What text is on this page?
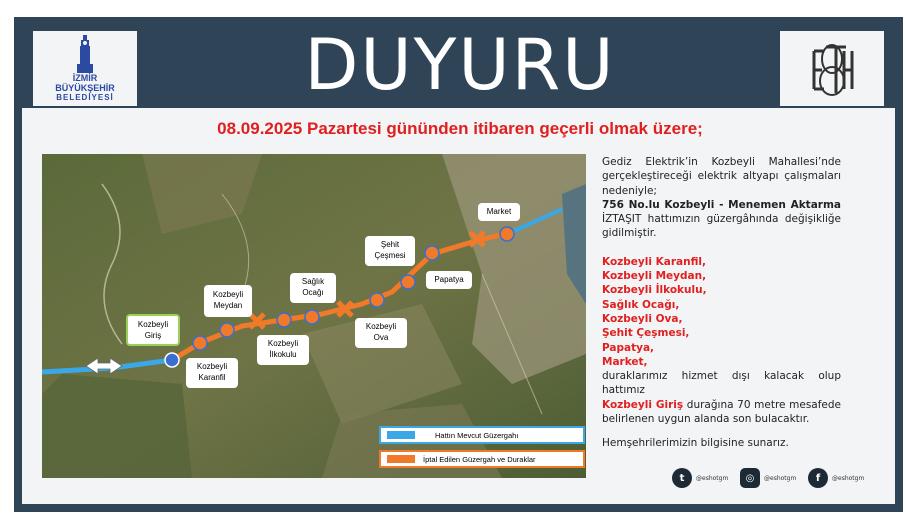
İZMİR
BÜYÜKŞEHİR
BELEDİYESİ	DUYURU
08.09.2025 Pazartesi gününden itibaren geçerli olmak üzere;
Kozbeyli
Giriş
Kozbeyli
Meydan
Kozbeyli
Karanfil
Kozbeyli
İlkokulu
Sağlık
Ocağı
Kozbeyli
Ova
Şehit
Çeşmesi
Papatya
Market
Hattın Mevcut Güzergahı
İptal Edilen Güzergah ve Duraklar

Gediz Elektrik’in Kozbeyli Mahallesi’nde gerçekleştireceği elektrik altyapı çalışmaları nedeniyle;

756 No.lu Kozbeyli - Menemen Aktarma İZTAŞIT hattımızın güzergâhında değişikliğe gidilmiştir.

Kozbeyli Karanfil,
Kozbeyli Meydan,
Kozbeyli İlkokulu,
Sağlık Ocağı,
Kozbeyli Ova,
Şehit Çeşmesi,
Papatya,
Market,

duraklarımız hizmet dışı kalacak olup hattımız

Kozbeyli Giriş durağına 70 metre mesafede belirlenen uygun alanda son bulacaktır.

Hemşehrilerimizin bilgisine sunarız.

t	@eshotgm	◎	@eshotgm	f	@eshotgm
